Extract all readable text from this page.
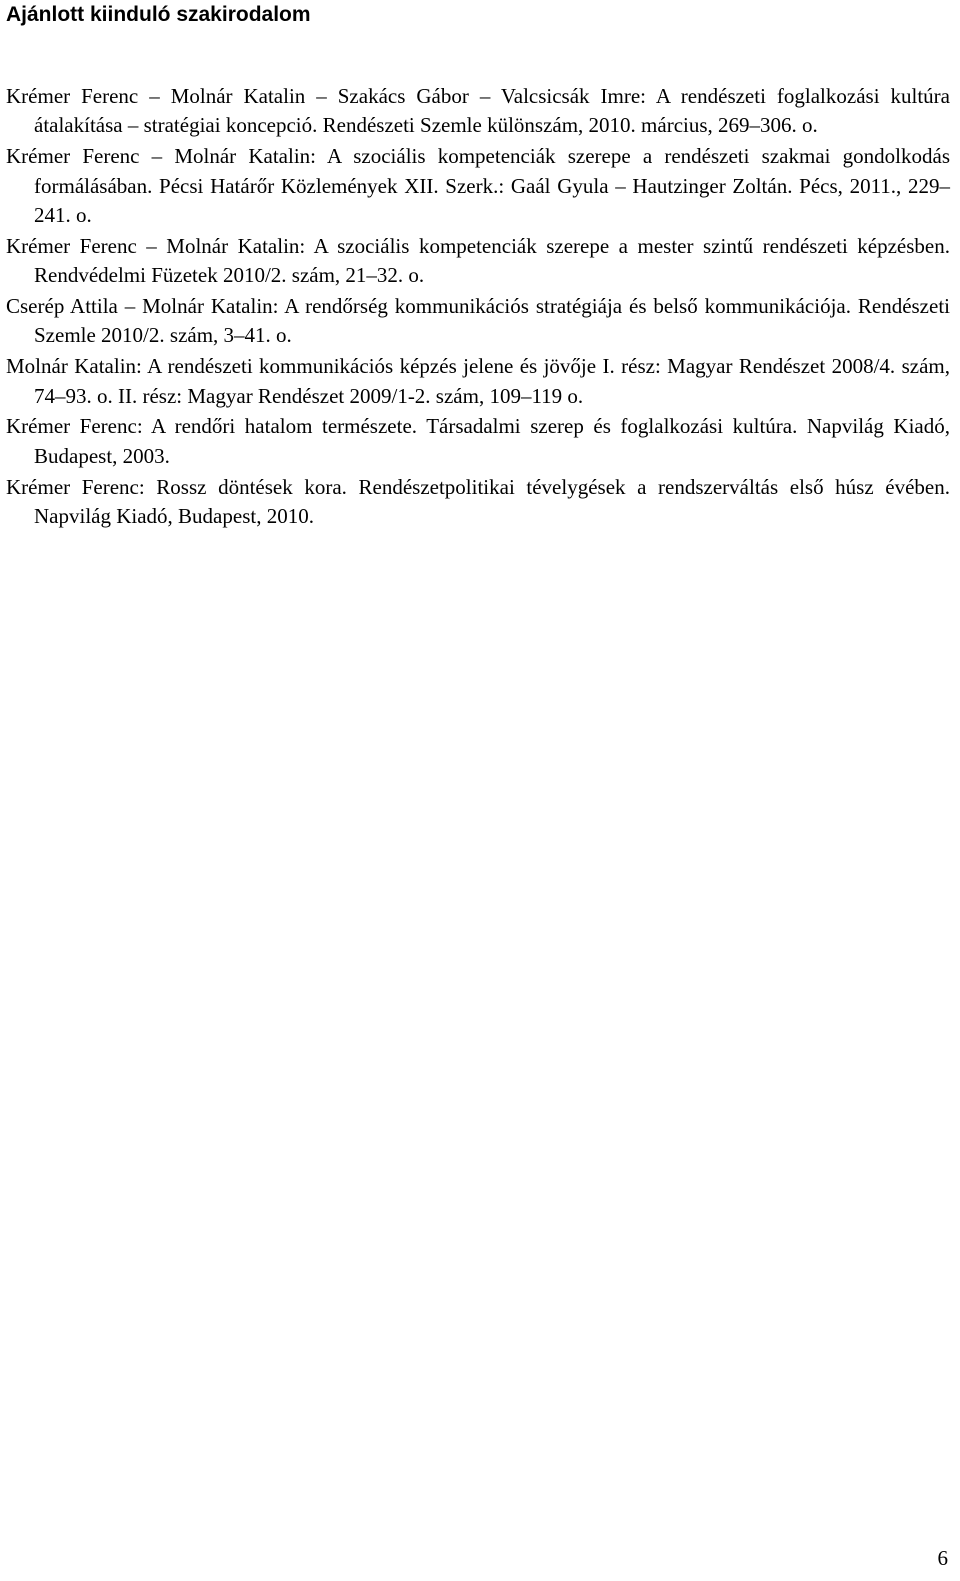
Ajánlott kiinduló szakirodalom
Krémer Ferenc – Molnár Katalin – Szakács Gábor – Valcsicsák Imre: A rendészeti foglalkozási kultúra átalakítása – stratégiai koncepció. Rendészeti Szemle különszám, 2010. március, 269–306. o.
Krémer Ferenc – Molnár Katalin: A szociális kompetenciák szerepe a rendészeti szakmai gondolkodás formálásában. Pécsi Határőr Közlemények XII. Szerk.: Gaál Gyula – Hautzinger Zoltán. Pécs, 2011., 229–241. o.
Krémer Ferenc – Molnár Katalin: A szociális kompetenciák szerepe a mester szintű rendészeti képzésben. Rendvédelmi Füzetek 2010/2. szám, 21–32. o.
Cserép Attila – Molnár Katalin: A rendőrség kommunikációs stratégiája és belső kommunikációja. Rendészeti Szemle 2010/2. szám, 3–41. o.
Molnár Katalin: A rendészeti kommunikációs képzés jelene és jövője I. rész: Magyar Rendészet 2008/4. szám, 74–93. o. II. rész: Magyar Rendészet 2009/1-2. szám, 109–119 o.
Krémer Ferenc: A rendőri hatalom természete. Társadalmi szerep és foglalkozási kultúra. Napvilág Kiadó, Budapest, 2003.
Krémer Ferenc: Rossz döntések kora. Rendészetpolitikai tévelygések a rendszerváltás első húsz évében. Napvilág Kiadó, Budapest, 2010.
6
